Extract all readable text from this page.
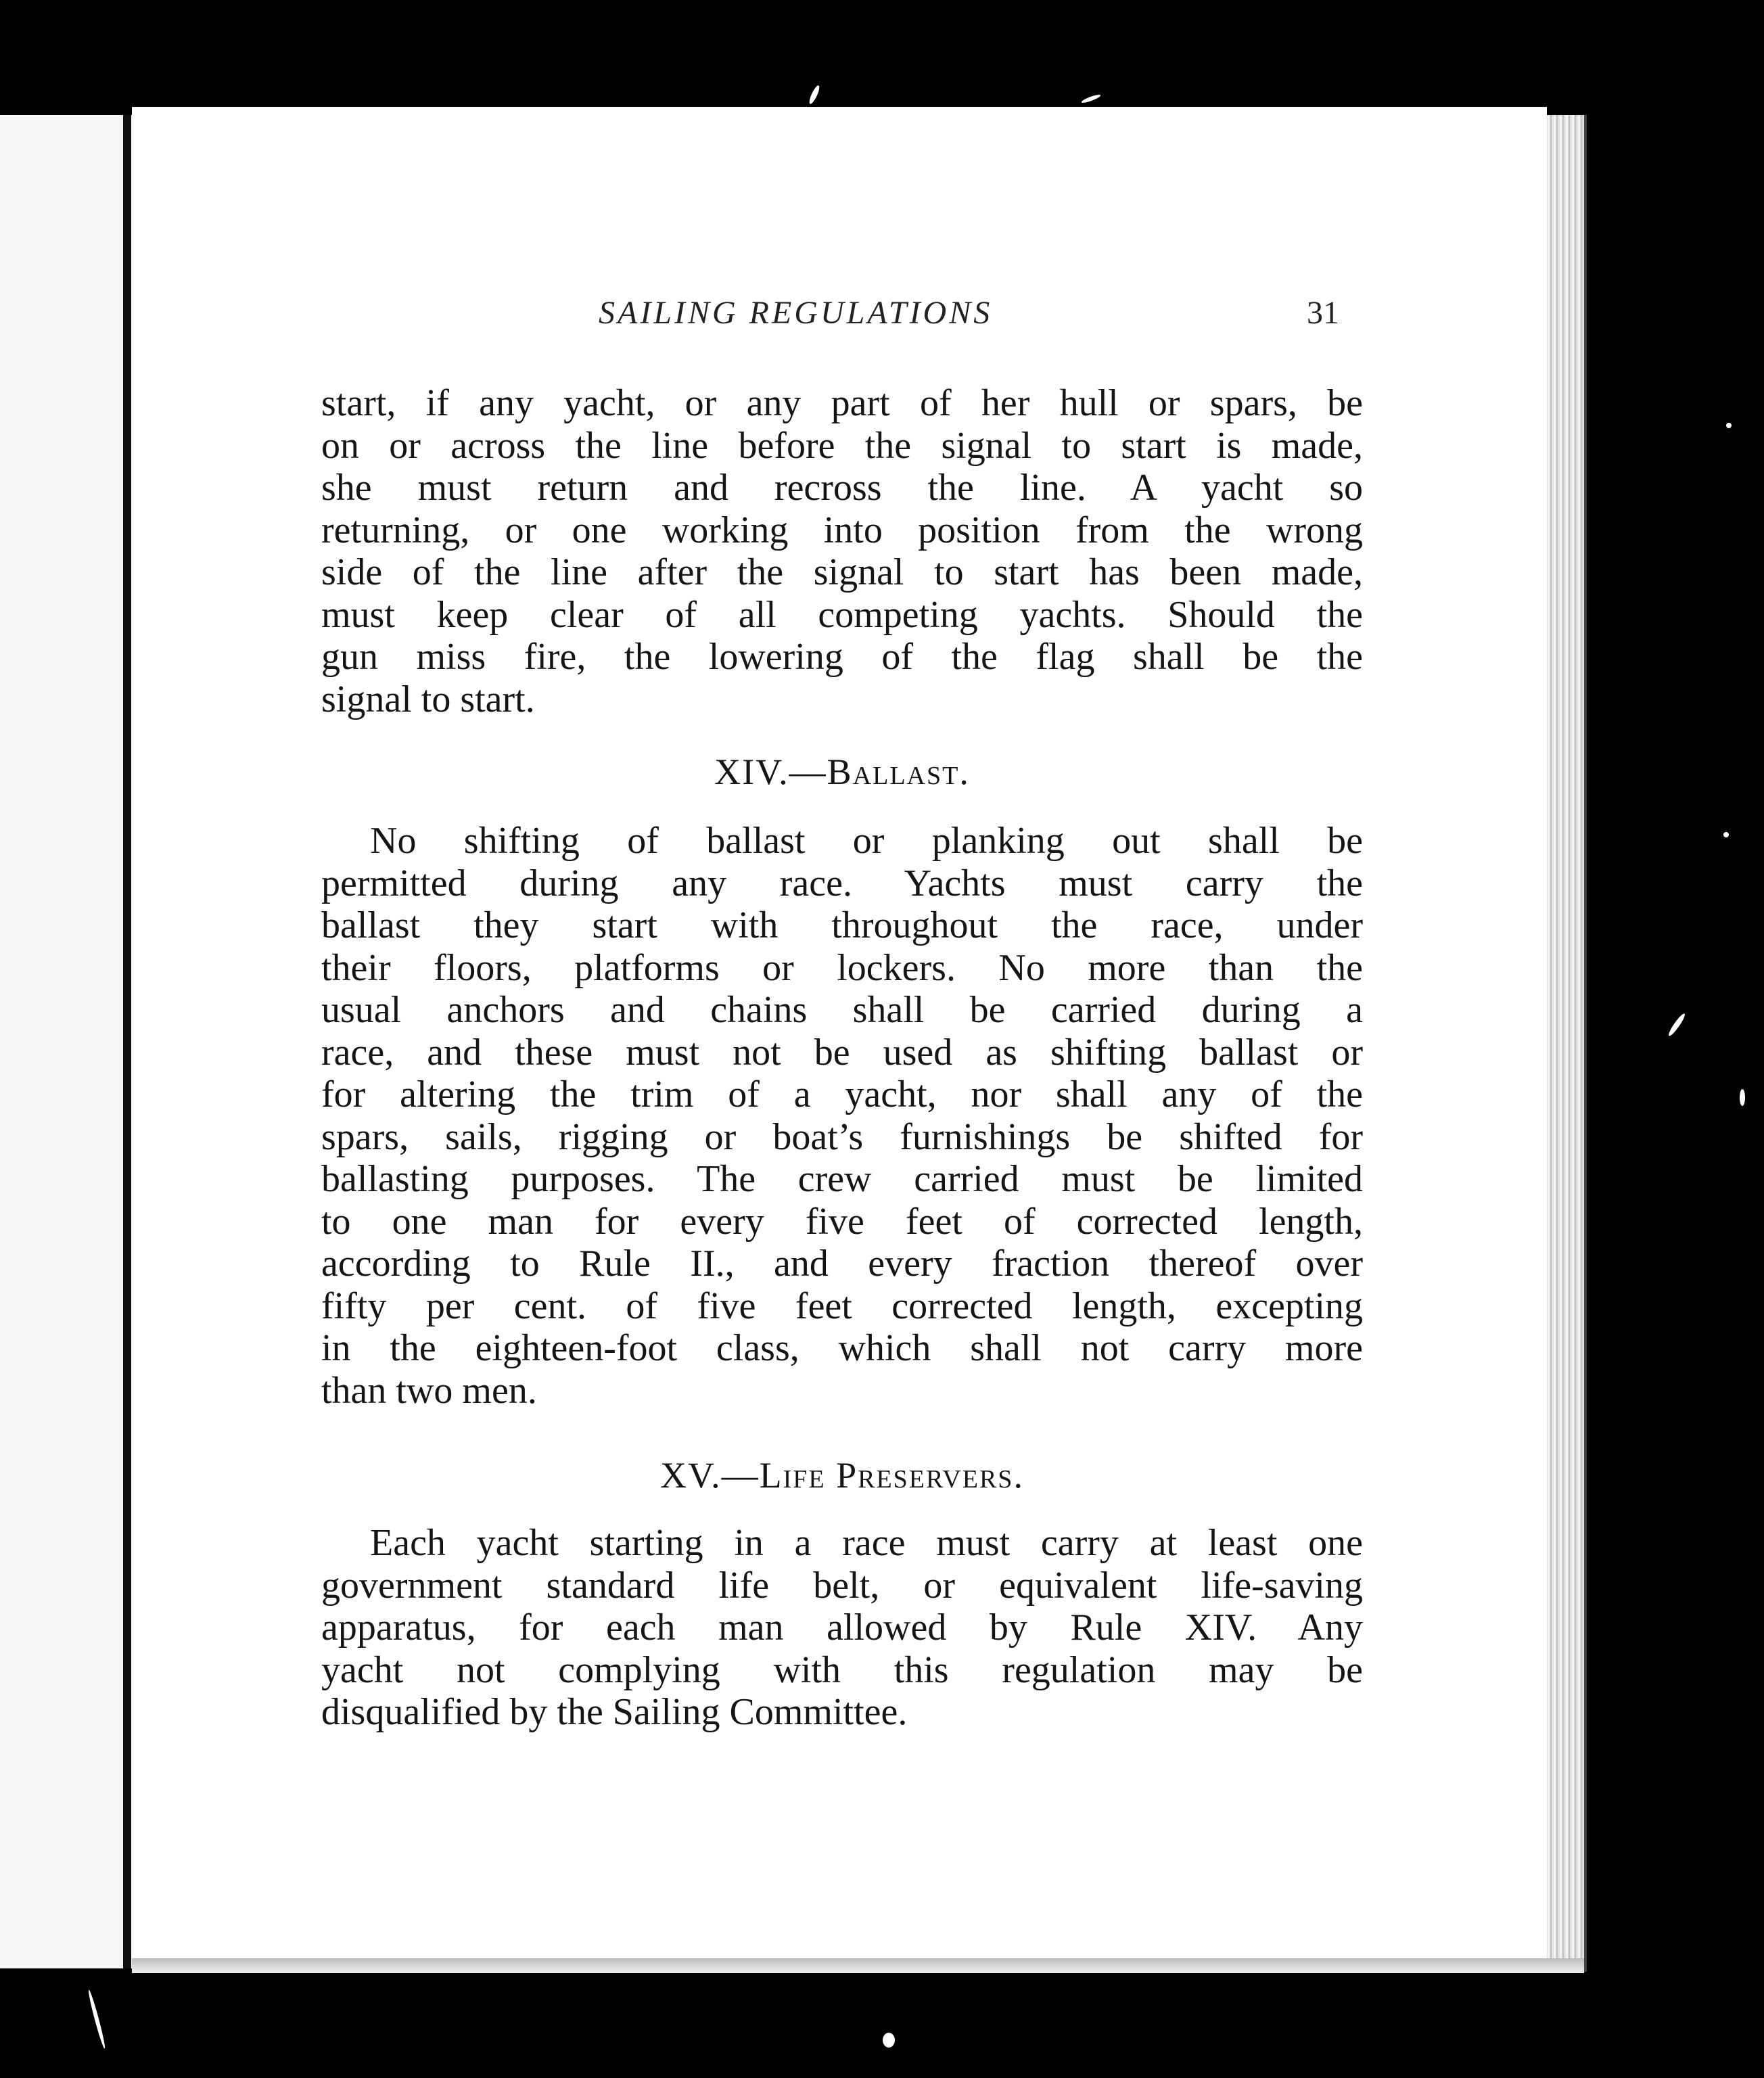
SAILING REGULATIONS	31
start, if any yacht, or any part of her hull or spars, be
on or across the line before the signal to start is made,
she must return and recross the line. A yacht so
returning, or one working into position from the wrong
side of the line after the signal to start has been made,
must keep clear of all competing yachts. Should the
gun miss fire, the lowering of the flag shall be the
signal to start.
XIV.—Ballast.
No shifting of ballast or planking out shall be
permitted during any race. Yachts must carry the
ballast they start with throughout the race, under
their floors, platforms or lockers. No more than the
usual anchors and chains shall be carried during a
race, and these must not be used as shifting ballast or
for altering the trim of a yacht, nor shall any of the
spars, sails, rigging or boat’s furnishings be shifted for
ballasting purposes. The crew carried must be limited
to one man for every five feet of corrected length,
according to Rule II., and every fraction thereof over
fifty per cent. of five feet corrected length, excepting
in the eighteen-foot class, which shall not carry more
than two men.
XV.—Life Preservers.
Each yacht starting in a race must carry at least one
government standard life belt, or equivalent life-saving
apparatus, for each man allowed by Rule XIV. Any
yacht not complying with this regulation may be
disqualified by the Sailing Committee.
